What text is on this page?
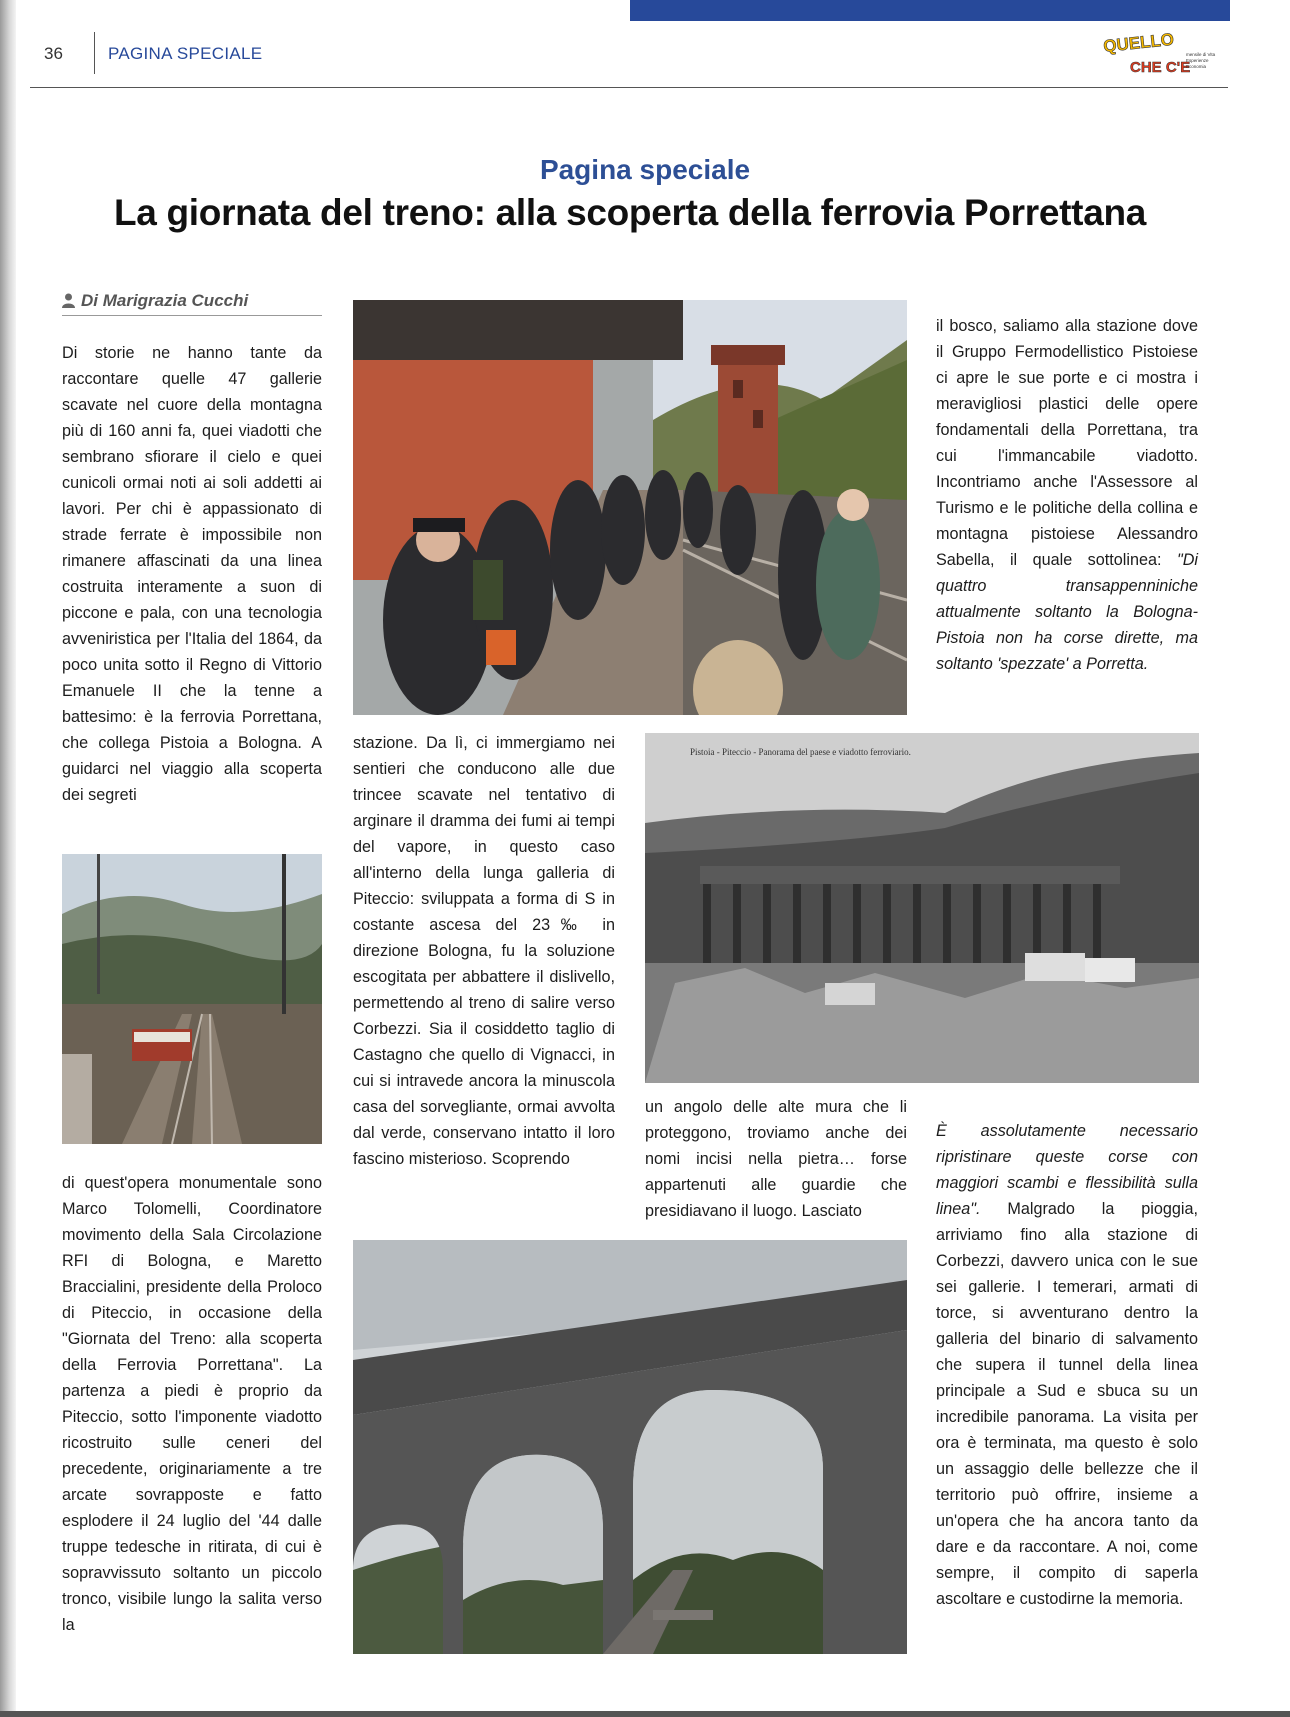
36	PAGINA SPECIALE	QUELLO
CHE C'E
mensile di Vita
Esperienze
Economia
Pagina speciale
La giornata del treno: alla scoperta della ferrovia Porrettana
Di Marigrazia Cucchi

Di storie ne hanno tante da raccontare quelle 47 gallerie scavate nel cuore della montagna più di 160 anni fa, quei viadotti che sembrano sfiorare il cielo e quei cunicoli ormai noti ai soli addetti ai lavori. Per chi è appassionato di strade ferrate è impossibile non rimanere affascinati da una linea costruita interamente a suon di piccone e pala, con una tecnologia avveniristica per l'Italia del 1864, da poco unita sotto il Regno di Vittorio Emanuele II che la tenne a battesimo: è la ferrovia Porrettana, che collega Pistoia a Bologna. A guidarci nel viaggio alla scoperta dei segreti

di quest'opera monumentale sono Marco Tolomelli, Coordinatore movimento della Sala Circolazione RFI di Bologna, e Maretto Braccialini, presidente della Proloco di Piteccio, in occasione della "Giornata del Treno: alla scoperta della Ferrovia Porrettana". La partenza a piedi è proprio da Piteccio, sotto l'imponente viadotto ricostruito sulle ceneri del precedente, originariamente a tre arcate sovrapposte e fatto esplodere il 24 luglio del '44 dalle truppe tedesche in ritirata, di cui è sopravvissuto soltanto un piccolo tronco, visibile lungo la salita verso la

stazione. Da lì, ci immergiamo nei sentieri che conducono alle due trincee scavate nel tentativo di arginare il dramma dei fumi ai tempi del vapore, in questo caso all'interno della lunga galleria di Piteccio: sviluppata a forma di S in costante ascesa del 23‰ in direzione Bologna, fu la soluzione escogitata per abbattere il dislivello, permettendo al treno di salire verso Corbezzi. Sia il cosiddetto taglio di Castagno che quello di Vignacci, in cui si intravede ancora la minuscola casa del sorvegliante, ormai avvolta dal verde, conservano intatto il loro fascino misterioso. Scoprendo

Pistoia - Piteccio - Panorama del paese e viadotto ferroviario.

un angolo delle alte mura che li proteggono, troviamo anche dei nomi incisi nella pietra… forse appartenuti alle guardie che presidiavano il luogo. Lasciato

il bosco, saliamo alla stazione dove il Gruppo Fermodellistico Pistoiese ci apre le sue porte e ci mostra i meravigliosi plastici delle opere fondamentali della Porrettana, tra cui l'immancabile viadotto. Incontriamo anche l'Assessore al Turismo e le politiche della collina e montagna pistoiese Alessandro Sabella, il quale sottolinea: "Di quattro transappenniniche attualmente soltanto la Bologna-Pistoia non ha corse dirette, ma soltanto 'spezzate' a Porretta.

È assolutamente necessario ripristinare queste corse con maggiori scambi e flessibilità sulla linea". Malgrado la pioggia, arriviamo fino alla stazione di Corbezzi, davvero unica con le sue sei gallerie. I temerari, armati di torce, si avventurano dentro la galleria del binario di salvamento che supera il tunnel della linea principale a Sud e sbuca su un incredibile panorama. La visita per ora è terminata, ma questo è solo un assaggio delle bellezze che il territorio può offrire, insieme a un'opera che ha ancora tanto da dare e da raccontare. A noi, come sempre, il compito di saperla ascoltare e custodirne la memoria.
